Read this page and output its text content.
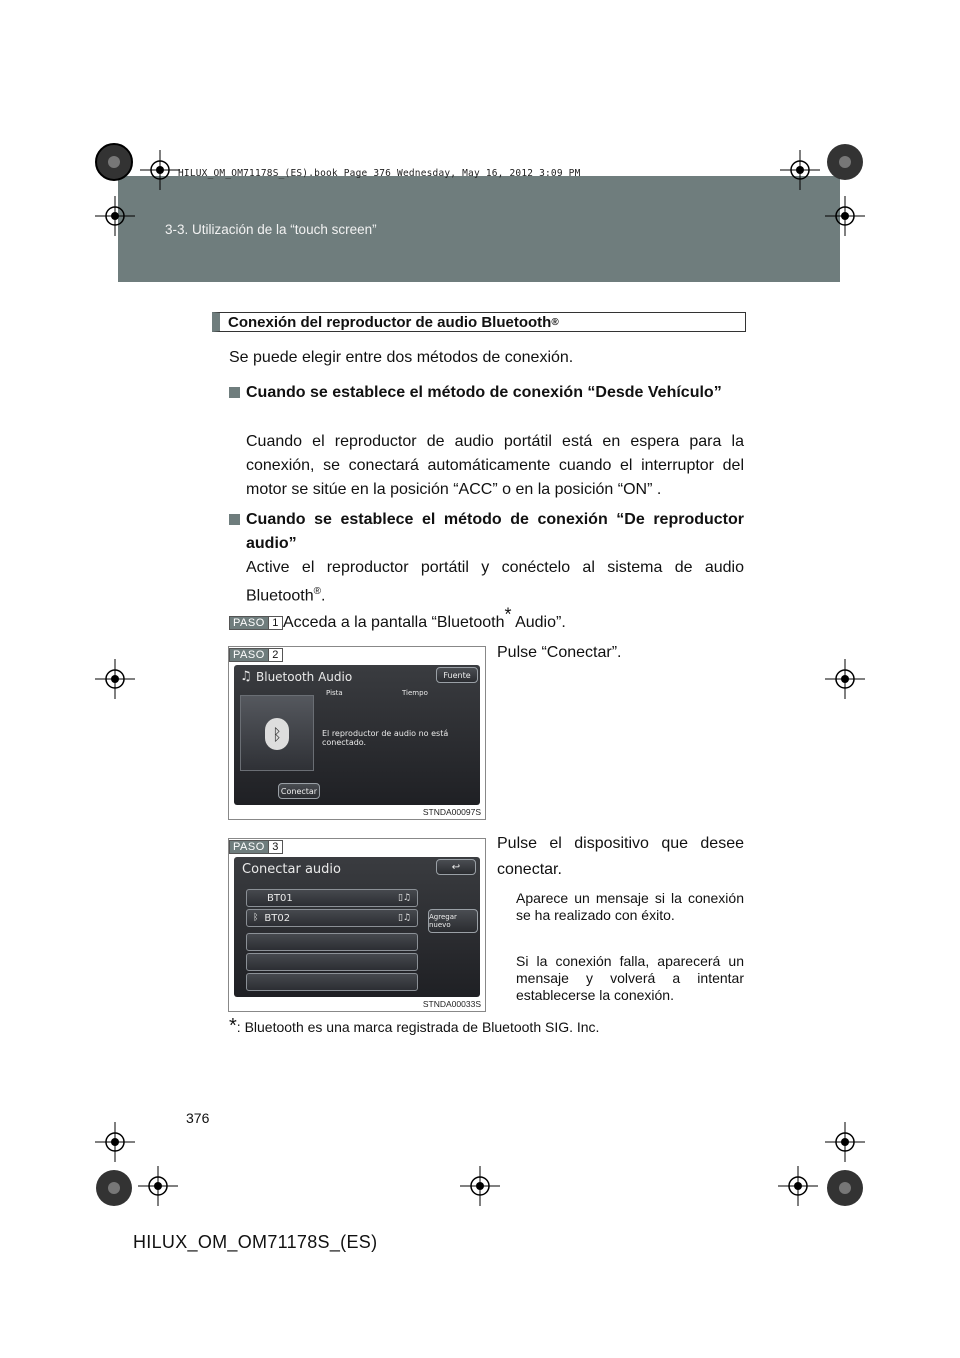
HILUX_OM_OM71178S_(ES).book Page 376 Wednesday, May 16, 2012 3:09 PM
3-3. Utilización de la “touch screen”
Conexión del reproductor de audio Bluetooth ®
Se puede elegir entre dos métodos de conexión.
Cuando se establece el método de conexión “Desde Vehículo”
Cuando el reproductor de audio portátil está en espera para la conexión, se conectará automáticamente cuando el interruptor del motor se sitúe en la posición “ACC” o en la posición “ON” .
Cuando se establece el método de conexión “De reproductor audio”
Active el reproductor portátil y conéctelo al sistema de audio Bluetooth®.
PASO 1 Acceda a la pantalla “Bluetooth* Audio”.
♫ Bluetooth Audio
Pista	Tiempo
Fuente
ᛒ	El reproductor de audio no está conectado.
Conectar
STNDA00097S
PASO 2	Pulse “Conectar”.
Conectar audio	↩
BT01	▯♫
ᛒ BT02	▯♫	Agregar nuevo
STNDA00033S
PASO 3	Pulse el dispositivo que desee conectar.
Aparece un mensaje si la conexión se ha realizado con éxito.
Si la conexión falla, aparecerá un mensaje y volverá a intentar establecerse la conexión.
*: Bluetooth es una marca registrada de Bluetooth SIG. Inc.
376
HILUX_OM_OM71178S_(ES)
